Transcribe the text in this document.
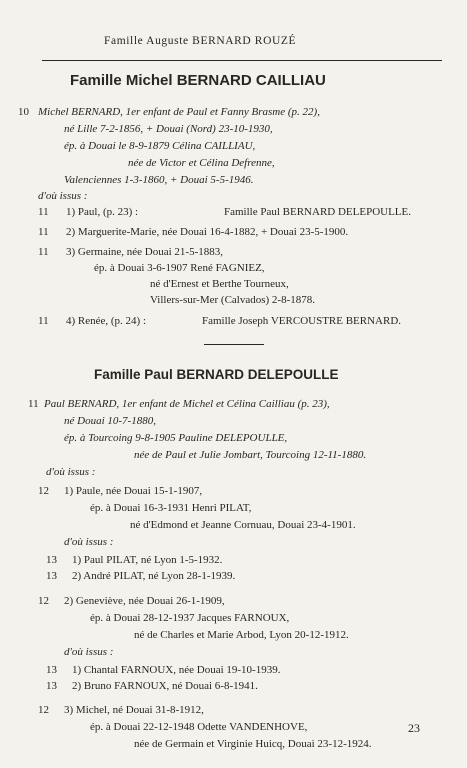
Famille Auguste BERNARD ROUZÉ
Famille Michel BERNARD CAILLIAU
10 Michel BERNARD, 1er enfant de Paul et Fanny Brasme (p. 22),
né Lille 7-2-1856, + Douai (Nord) 23-10-1930,
ép. à Douai le 8-9-1879 Célina CAILLIAU,
née de Victor et Célina Defrenne,
Valenciennes 1-3-1860, + Douai 5-5-1946.
d'où issus :
11 1) Paul, (p. 23) :	Famille Paul BERNARD DELEPOULLE.
11 2) Marguerite-Marie, née Douai 16-4-1882, + Douai 23-5-1900.
11 3) Germaine, née Douai 21-5-1883,
ép. à Douai 3-6-1907 René FAGNIEZ,
né d'Ernest et Berthe Tourneux,
Villers-sur-Mer (Calvados) 2-8-1878.
11 4) Renée, (p. 24) :	Famille Joseph VERCOUSTRE BERNARD.
Famille Paul BERNARD DELEPOULLE
11 Paul BERNARD, 1er enfant de Michel et Célina Cailliau (p. 23),
né Douai 10-7-1880,
ép. à Tourcoing 9-8-1905 Pauline DELEPOULLE,
née de Paul et Julie Jombart, Tourcoing 12-11-1880.
d'où issus :
12 1) Paule, née Douai 15-1-1907,
ép. à Douai 16-3-1931 Henri PILAT,
né d'Edmond et Jeanne Cornuau, Douai 23-4-1901.
d'où issus :
13 1) Paul PILAT, né Lyon 1-5-1932.
13 2) André PILAT, né Lyon 28-1-1939.
12 2) Geneviève, née Douai 26-1-1909,
ép. à Douai 28-12-1937 Jacques FARNOUX,
né de Charles et Marie Arbod, Lyon 20-12-1912.
d'où issus :
13 1) Chantal FARNOUX, née Douai 19-10-1939.
13 2) Bruno FARNOUX, né Douai 6-8-1941.
12 3) Michel, né Douai 31-8-1912,
ép. à Douai 22-12-1948 Odette VANDENHOVE,
née de Germain et Virginie Huicq, Douai 23-12-1924.
23
